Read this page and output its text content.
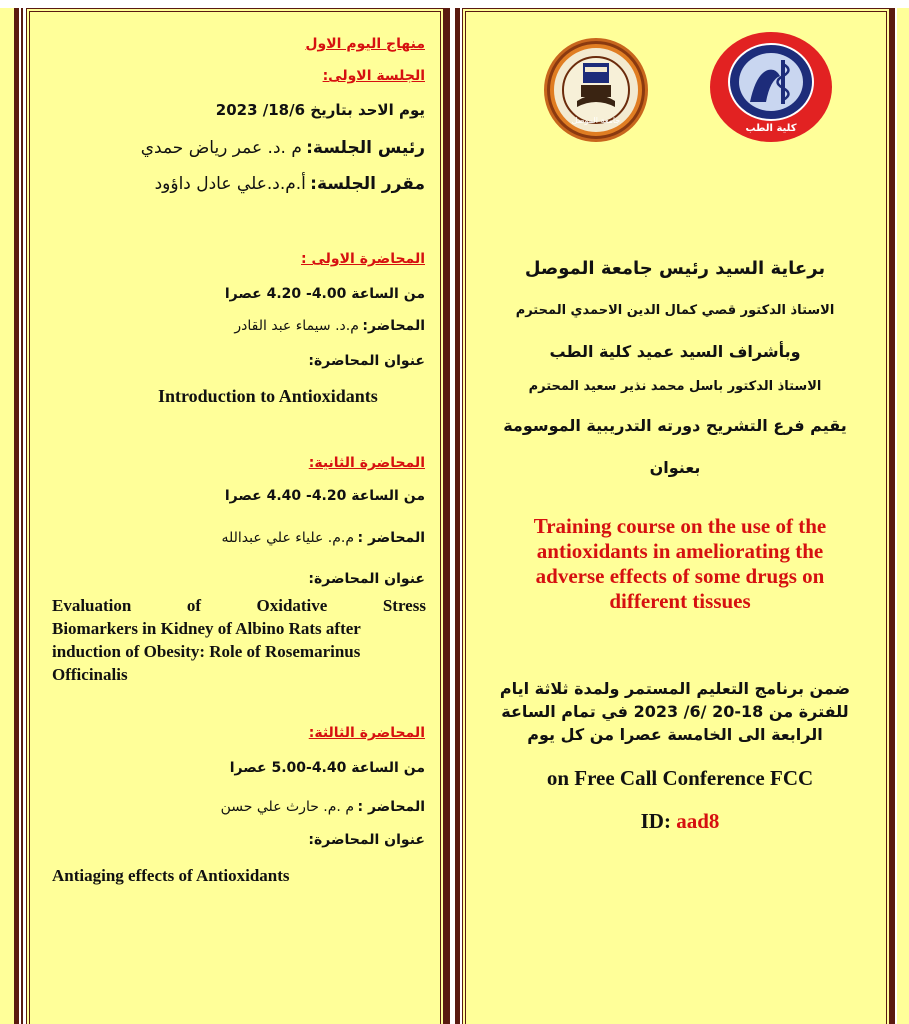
منهاج اليوم الاول
الجلسة الاولى:
يوم الاحد بتاريخ 18/6/ 2023
رئيس الجلسة: م .د. عمر رياض حمدي
مقرر الجلسة: أ.م.د.علي عادل داؤود
المحاضرة الاولى :
من الساعة 4.00- 4.20 عصرا
المحاضر: م.د. سيماء عبد القادر
عنوان المحاضرة:
Introduction to Antioxidants
المحاضرة الثانية:
من الساعة 4.20- 4.40 عصرا
المحاضر : م.م. علياء علي عبدالله
عنوان المحاضرة:
Evaluation	of	Oxidative	Stress
Biomarkers in Kidney of Albino Rats after
induction of Obesity: Role of Rosemarinus
Officinalis
المحاضرة الثالثة:
من الساعة 4.40-5.00 عصرا
المحاضر : م .م. حارث علي حسن
عنوان المحاضرة:
Antiaging effects of Antioxidants
جامعة الموصل
كلية الطب
برعاية السيد رئيس جامعة الموصل
الاستاذ الدكتور قصي كمال الدين الاحمدي المحترم
وبأشراف السيد عميد كلية الطب
الاستاذ الدكتور باسل محمد نذير سعيد المحترم
يقيم فرع التشريح دورته التدريبية الموسومة
بعنوان
Training course on the use of the
antioxidants in ameliorating the
adverse effects of some drugs on
different tissues
ضمن برنامج التعليم المستمر ولمدة ثلاثة ايام
للفترة من 18-20 /6/ 2023 في تمام الساعة
الرابعة الى الخامسة عصرا من كل يوم
on Free Call Conference FCC
ID: aad8
